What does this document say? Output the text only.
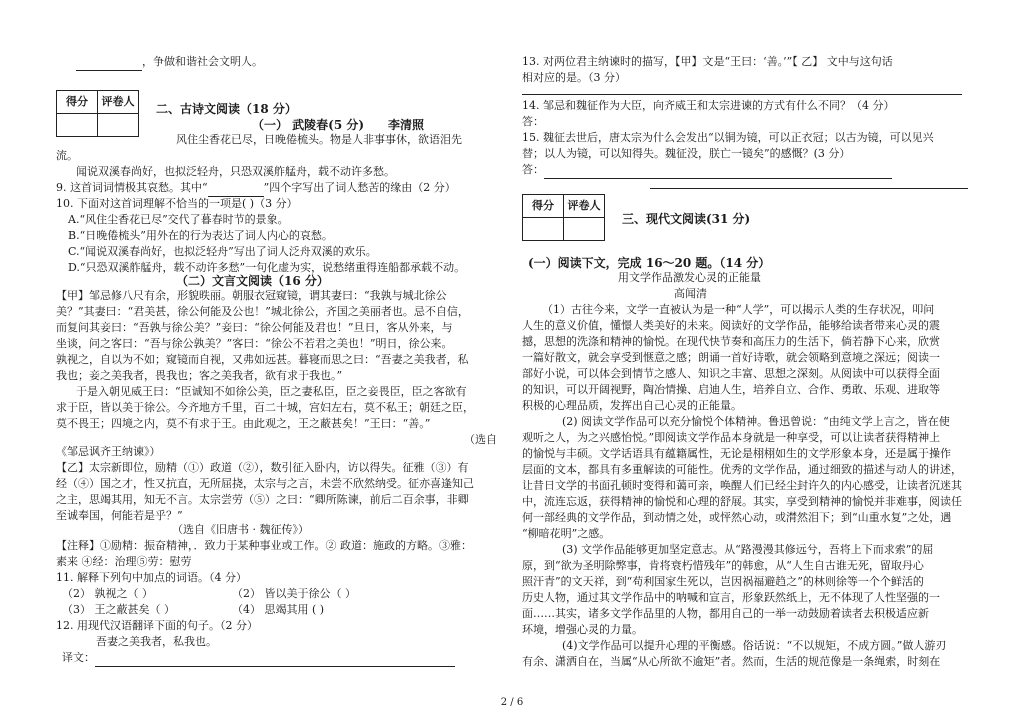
，争做和谐社会文明人。
得分	评卷人

二、古诗文阅读（18 分）
（一） 武陵春(5 分) 李清照
风住尘香花已尽，日晚倦梳头。物是人非事事休，欲语泪先
流。
闻说双溪春尚好，也拟泛轻舟，只恐双溪舴艋舟，载不动许多愁。
9. 这首词词情极其哀愁。其中“	”四个字写出了词人愁苦的缘由（2 分）
10. 下面对这首词理解不恰当的一项是( )（3 分）
A.“风住尘香花已尽”交代了暮春时节的景象。
B.“日晚倦梳头”用外在的行为表达了词人内心的哀愁。
C.“闻说双溪春尚好，也拟泛轻舟”写出了词人泛舟双溪的欢乐。
D.“只恐双溪舴艋舟，载不动许多愁”一句化虚为实，说愁绪重得连船都承载不动。
（二）文言文阅读（16 分）
【甲】邹忌修八尺有余，形貌昳丽。朝服衣冠窥镜，谓其妻曰：“我孰与城北徐公
美？”其妻曰：“君美甚，徐公何能及公也！”城北徐公，齐国之美丽者也。忌不自信，
而复问其妾曰：“吾孰与徐公美？”妾曰：“徐公何能及君也！”旦日，客从外来，与
坐谈，问之客曰：“吾与徐公孰美？”客曰：“徐公不若君之美也！”明日，徐公来。
孰视之，自以为不如；窥镜而自视，又弗如远甚。暮寝而思之曰：“吾妻之美我者，私
我也；妾之美我者，畏我也；客之美我者，欲有求于我也。”
于是入朝见威王曰：“臣诚知不如徐公美，臣之妻私臣，臣之妾畏臣，臣之客欲有
求于臣，皆以美于徐公。今齐地方千里，百二十城，宫妇左右，莫不私王；朝廷之臣，
莫不畏王；四境之内，莫不有求于王。由此观之，王之蔽甚矣！”王曰：“善。”
（选自
《邹忌讽齐王纳谏》）
【乙】太宗新即位，励精（①）政道（②），数引征入卧内，访以得失。征雅（③）有
经（④）国之才，性又抗直，无所屈挠，太宗与之言，未尝不欣然纳受。征亦喜逢知己
之主，思竭其用，知无不言。太宗尝劳（⑤）之曰：“卿所陈谏，前后二百余事，非卿
至诚奉国，何能若是乎？”
（选自《旧唐书 · 魏征传》）
【注释】①励精：振奋精神，．致力于某种事业或工作。② 政道：施政的方略。③雅：
素来 ④经：治理⑤劳：慰劳
11. 解释下列句中加点的词语。（4 分）
（2） 孰视之（ ）	（2） 皆以美于徐公（ ）
（3） 王之蔽甚矣（ ）	（4） 思竭其用 ( )
12. 用现代汉语翻译下面的句子。（2 分）
吾妻之美我者，私我也。
译文：
13. 对两位君主纳谏时的描写，【甲】文是“王曰：‘善。’”【 乙】 文中与这句话
相对应的是。（3 分）
14. 邹忌和魏征作为大臣，向齐威王和太宗进谏的方式有什么不同？（4 分）
答：
15. 魏征去世后，唐太宗为什么会发出“以铜为镜，可以正衣冠；以古为镜，可以见兴
替；以人为镜，可以知得失。魏征没，朕亡一镜矣”的感慨？(3 分）
答：
得分	评卷人

三、现代文阅读(31 分)
(一）阅读下文，完成 16～20 题。（14 分）
用文学作品激发心灵的正能量
高闻清
（1）古往今来，文学一直被认为是一种“人学”，可以揭示人类的生存状况，叩问
人生的意义价值，懂憬人类美好的未来。阅读好的文学作品，能够给读者带来心灵的震
撼，思想的洗涤和精神的愉悦。在现代快节奏和高压力的生活下，倘若静下心来，欣赏
一篇好散文，就会享受到惬意之感；朗诵一首好诗歌，就会领略到意境之深远；阅读一
部好小说，可以体会到情节之感人、知识之丰富、思想之深刻。从阅读中可以获得全面
的知识，可以开阔视野，陶冶情操、启迪人生，培养自立、合作、勇敢、乐观、进取等
积极的心理品质，发挥出自己心灵的正能量。
(2) 阅读文学作品可以充分愉悦个体精神。鲁迅曾说：“由纯文学上言之，皆在使
观听之人，为之兴感怡悦。”即阅读文学作品本身就是一种享受，可以让读者获得精神上
的愉悦与丰硕。文学话语具有蕴籍属性，无论是栩栩如生的文学形象本身，还是属于操作
层面的文本，都具有多重解读的可能性。优秀的文学作品，通过细致的描述与动人的讲述，
让昔日文学的书面孔顿时变得和蔼可亲，唤醒人们已经尘封许久的内心感受，让读者沉迷其
中，流连忘返，获得精神的愉悦和心理的舒展。其实，享受到精神的愉悦并非难事，阅读任
何一部经典的文学作品，到动情之处，或怦然心动，或潸然泪下；到“山重水复”之处，遇
“柳暗花明”之感。
(3) 文学作品能够更加坚定意志。从“路漫漫其修远兮，吾将上下而求索”的屈
原，到“欲为圣明除弊事，肯将衰朽惜残年”的韩愈，从“人生自古谁无死，留取丹心
照汗青”的文天祥，到“苟利国家生死以，岂因祸福避趋之”的林则徐等一个个鲜活的
历史人物，通过其文学作品中的呐喊和宣言，形象跃然纸上，无不体现了人性坚强的一
面……其实，诸多文学作品里的人物，都用自己的一举一动鼓励着读者去积极适应新
环境，增强心灵的力量。
(4)文学作品可以提升心理的平衡感。俗话说：“不以规矩，不成方圆。”做人游刃
有余、潇洒自在，当属“从心所欲不逾矩”者。然而，生活的规范像是一条绳索，时刻在
2 / 6
